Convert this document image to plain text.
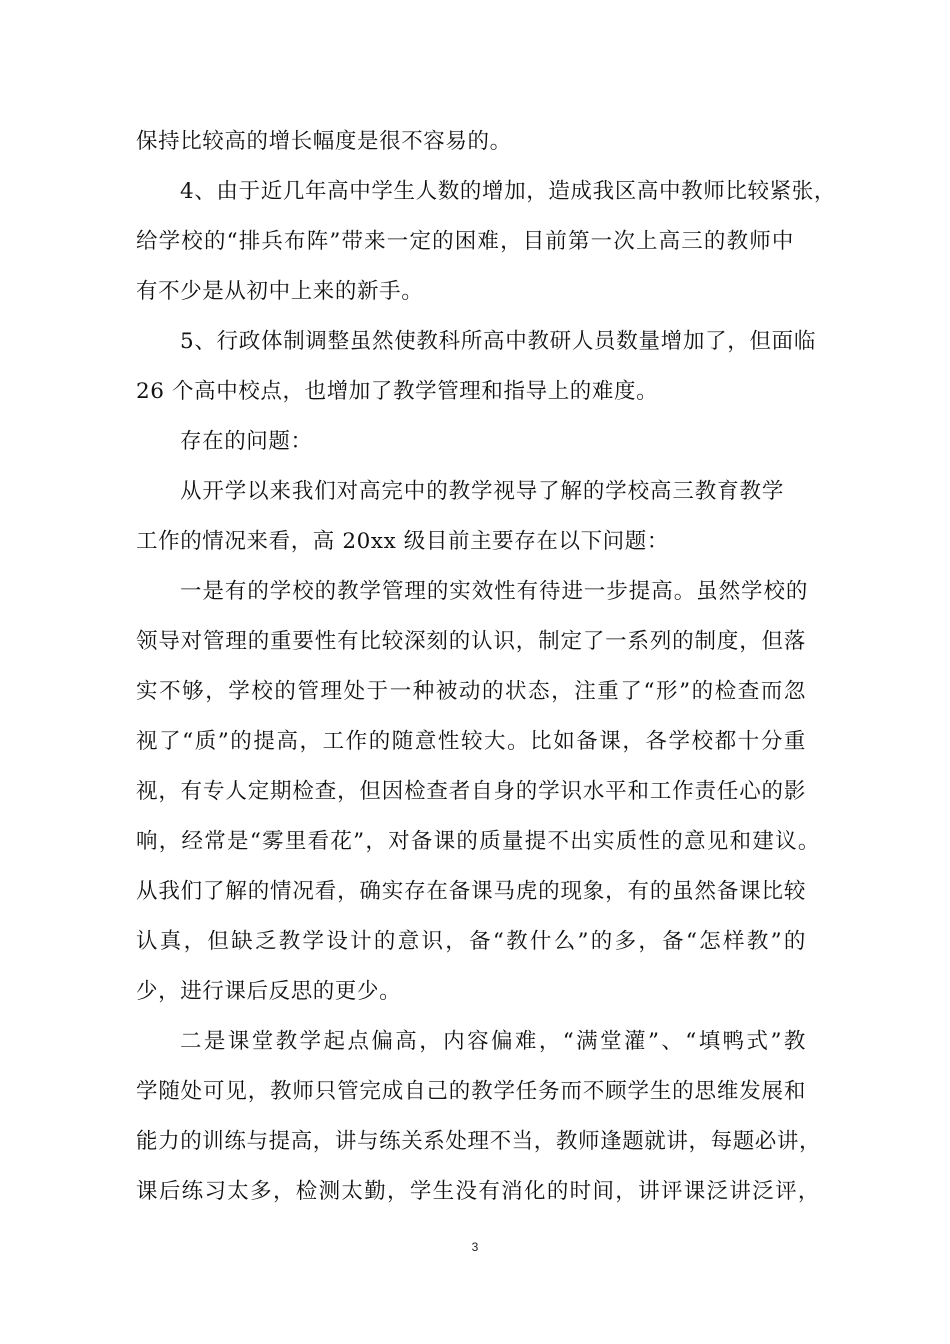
保持比较高的增长幅度是很不容易的。
4、由于近几年高中学生人数的增加，造成我区高中教师比较紧张，
给学校的“排兵布阵”带来一定的困难，目前第一次上高三的教师中
有不少是从初中上来的新手。
5、行政体制调整虽然使教科所高中教研人员数量增加了，但面临
26 个高中校点，也增加了教学管理和指导上的难度。
存在的问题：
从开学以来我们对高完中的教学视导了解的学校高三教育教学
工作的情况来看，高 20xx 级目前主要存在以下问题：
一是有的学校的教学管理的实效性有待进一步提高。虽然学校的
领导对管理的重要性有比较深刻的认识，制定了一系列的制度，但落
实不够，学校的管理处于一种被动的状态，注重了“形”的检查而忽
视了“质”的提高，工作的随意性较大。比如备课，各学校都十分重
视，有专人定期检查，但因检查者自身的学识水平和工作责任心的影
响，经常是“雾里看花”，对备课的质量提不出实质性的意见和建议。
从我们了解的情况看，确实存在备课马虎的现象，有的虽然备课比较
认真，但缺乏教学设计的意识，备“教什么”的多，备“怎样教”的
少，进行课后反思的更少。
二是课堂教学起点偏高，内容偏难，“满堂灌”、“填鸭式”教
学随处可见，教师只管完成自己的教学任务而不顾学生的思维发展和
能力的训练与提高，讲与练关系处理不当，教师逢题就讲，每题必讲，
课后练习太多，检测太勤，学生没有消化的时间，讲评课泛讲泛评，
3
